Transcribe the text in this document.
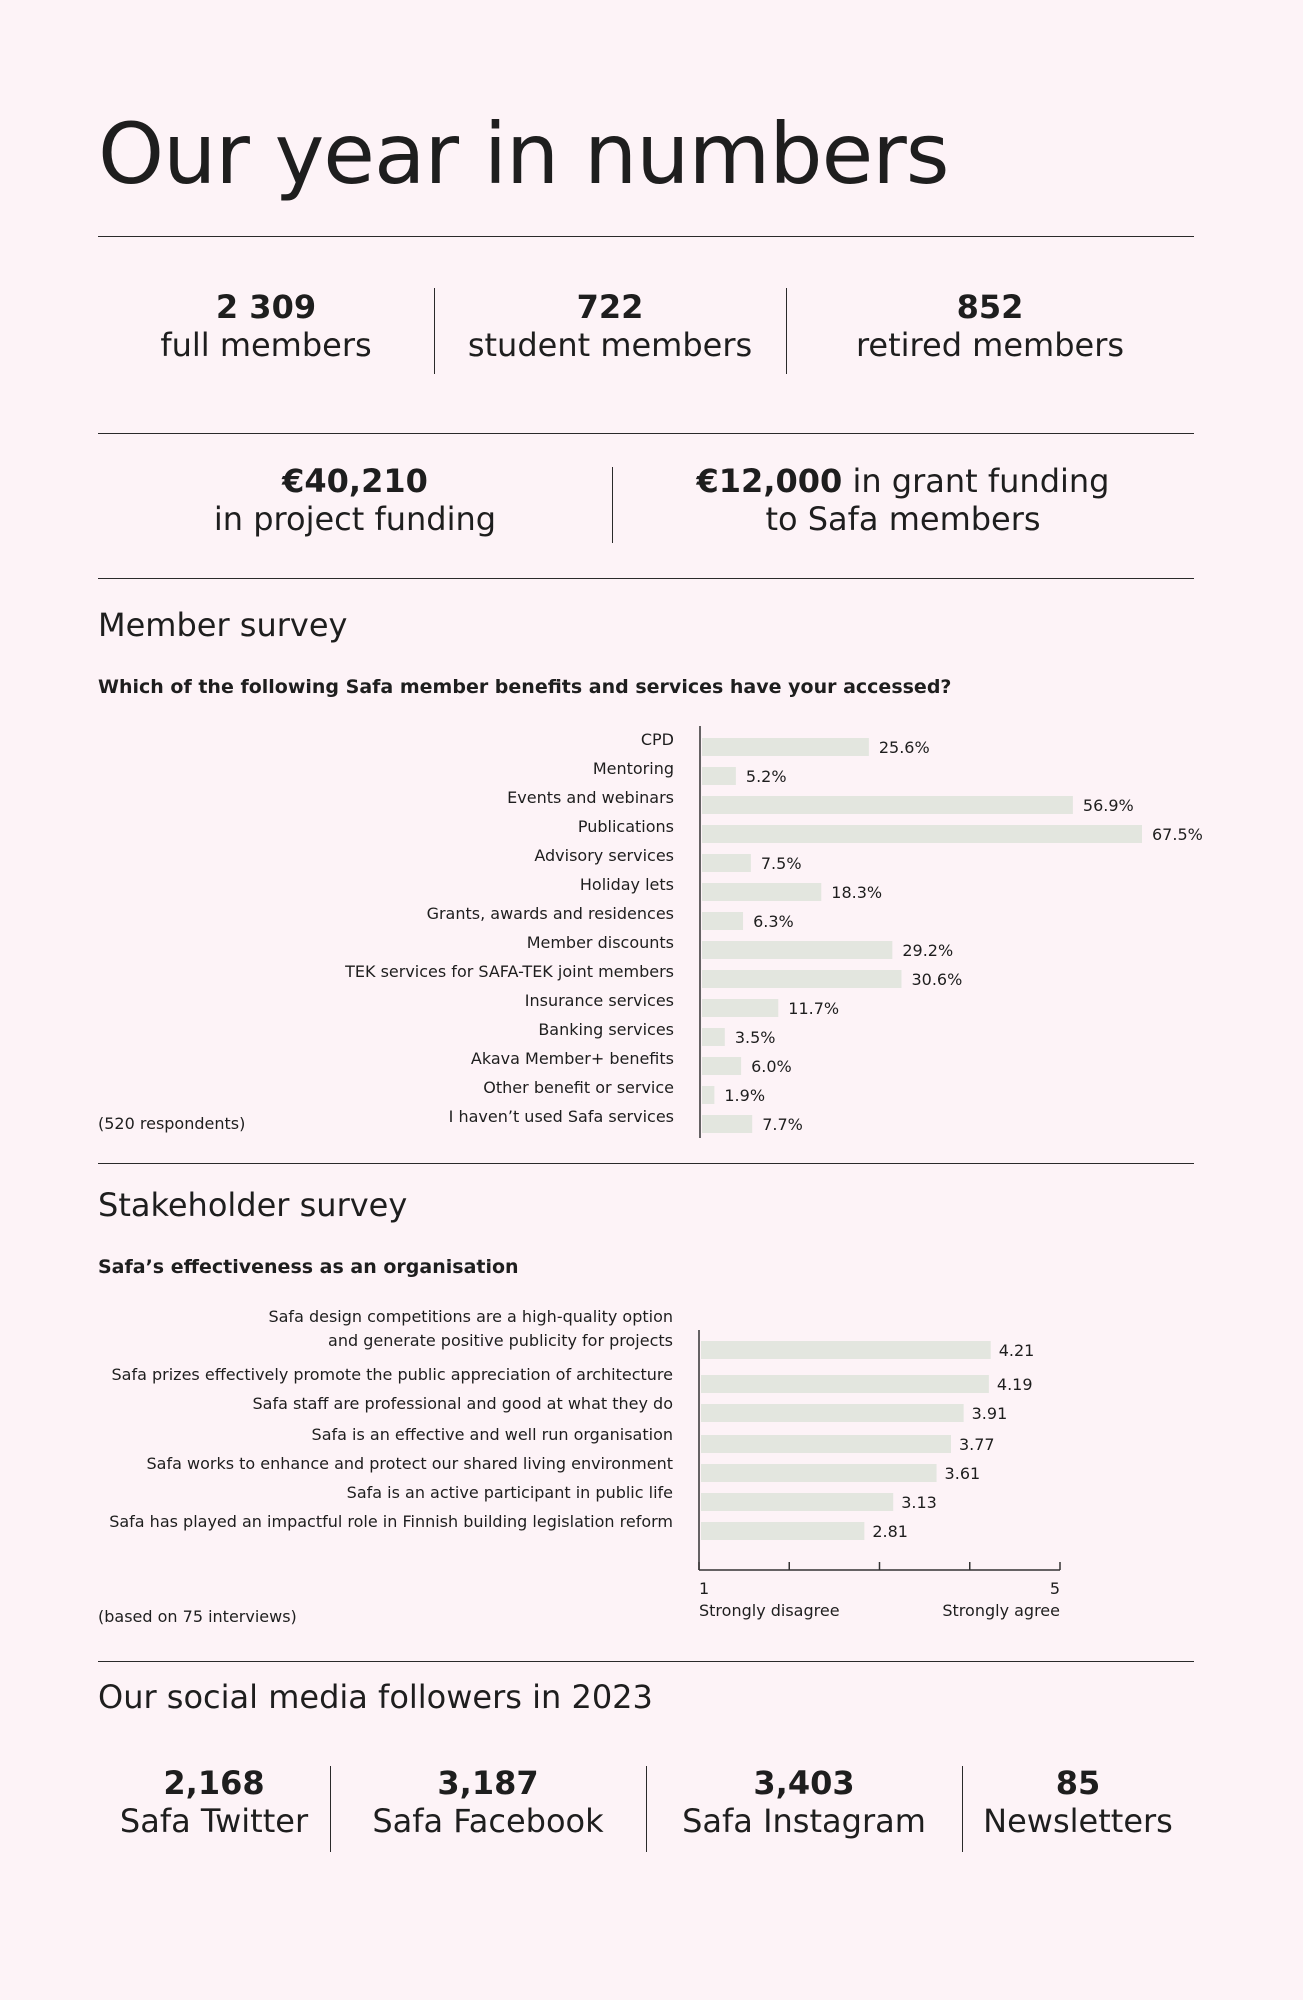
Our year in numbers
2 309
full members
722
student members
852
retired members
€40,210
in project funding
€12,000 in grant funding
to Safa members
Member survey

Which of the following Safa member benefits and services have your accessed?

(520 respondents)
CPD	25.6%
Mentoring	5.2%
Events and webinars	56.9%
Publications	67.5%
Advisory services	7.5%
Holiday lets	18.3%
Grants, awards and residences	6.3%
Member discounts	29.2%
TEK services for SAFA-TEK joint members	30.6%
Insurance services	11.7%
Banking services	3.5%
Akava Member+ benefits	6.0%
Other benefit or service	1.9%
I haven’t used Safa services	7.7%
Stakeholder survey

Safa’s effectiveness as an organisation

(based on 75 interviews)
1	5
Strongly disagree	Strongly agree
Safa design competitions are a high-quality option
and generate positive publicity for projects
4.21
Safa prizes effectively promote the public appreciation of architecture
4.19
Safa staff are professional and good at what they do
3.91
Safa is an effective and well run organisation
3.77
Safa works to enhance and protect our shared living environment
3.61
Safa is an active participant in public life
3.13
Safa has played an impactful role in Finnish building legislation reform
2.81
Our social media followers in 2023
2,168
Safa Twitter
3,187
Safa Facebook
3,403
Safa Instagram
85
Newsletters
